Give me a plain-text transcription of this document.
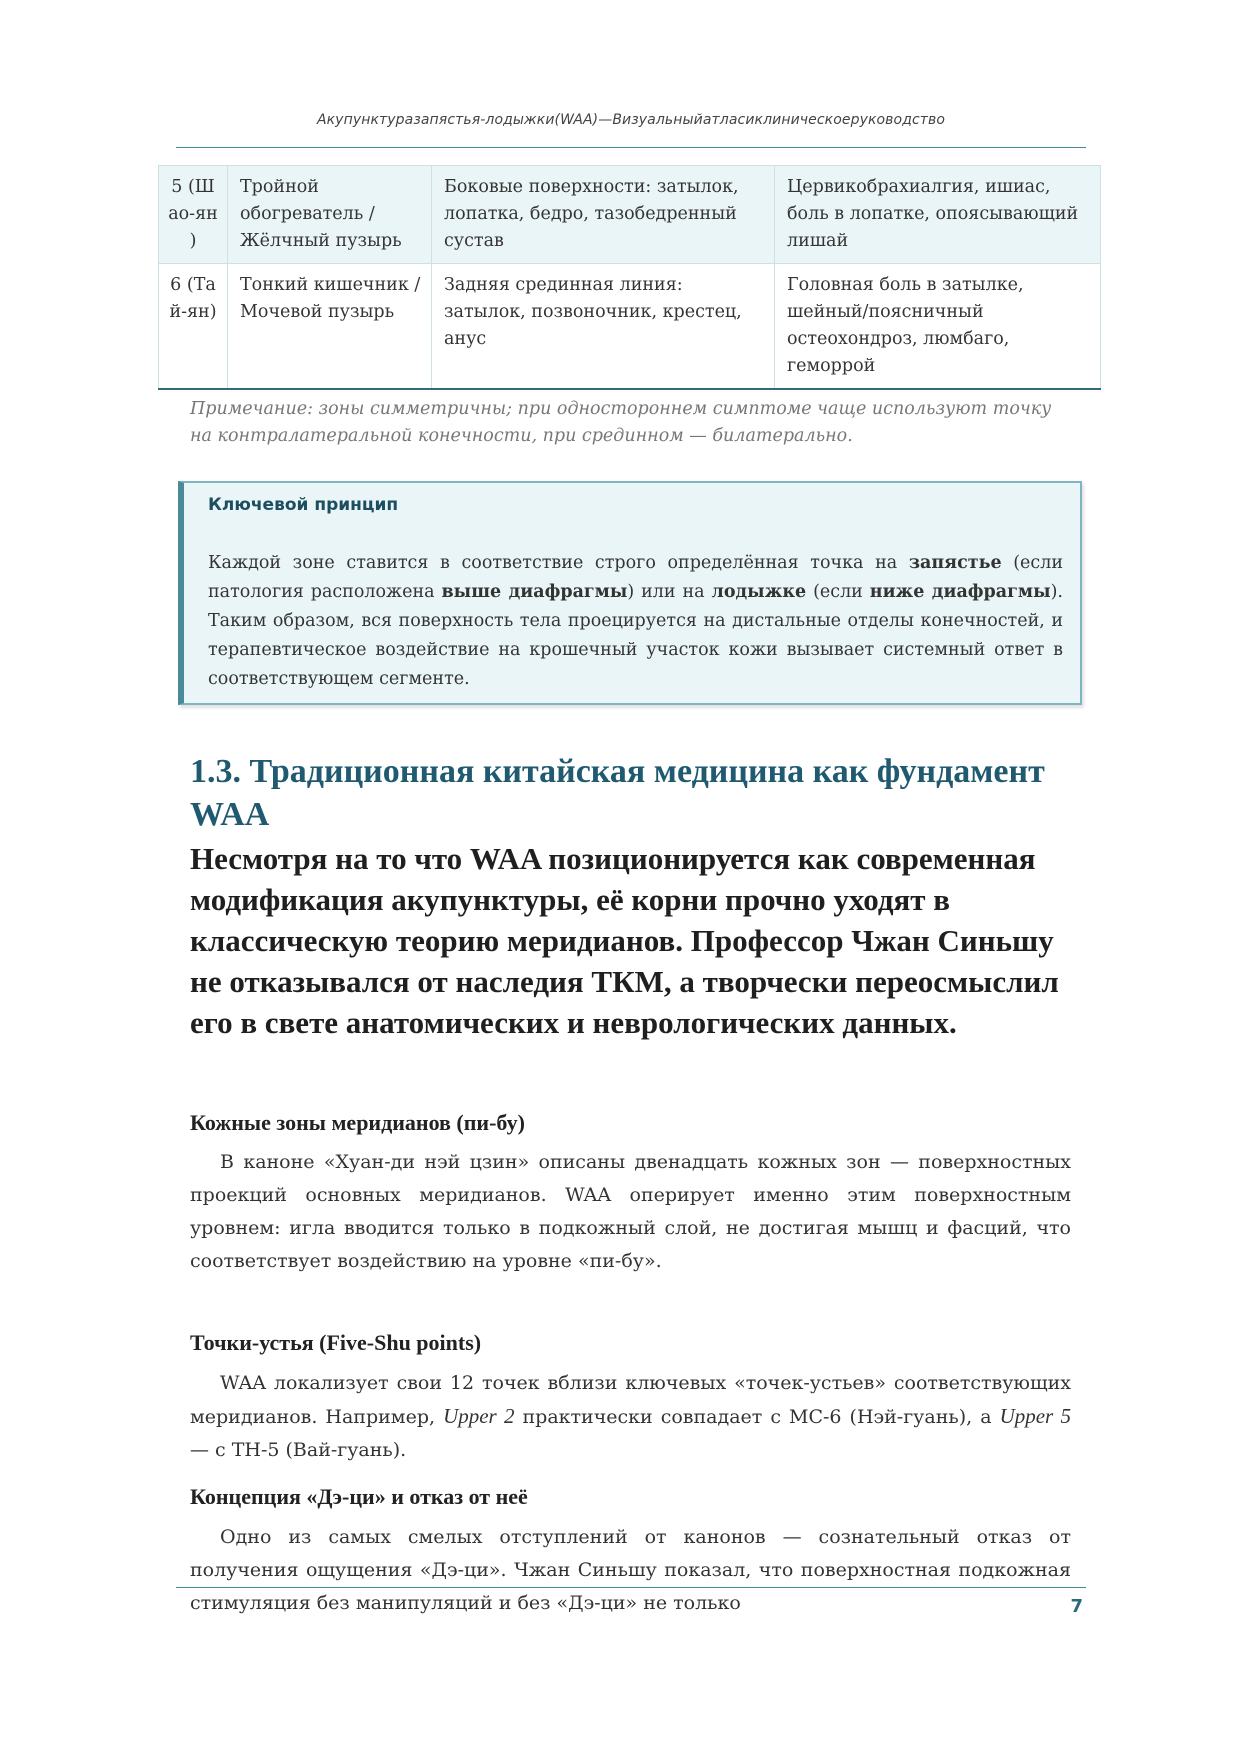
Акупунктуразапястья-лодыжки(WAA)—Визуальныйатласиклиническоеруководство
5 (Ш ао-ян )	Тройной обогреватель / Жёлчный пузырь	Боковые поверхности: затылок, лопатка, бедро, тазобедренный сустав	Цервикобрахиалгия, ишиас, боль в лопатке, опоясывающий лишай
6 (Та й-ян)	Тонкий кишечник / Мочевой пузырь	Задняя срединная линия: затылок, позвоночник, крестец, анус	Головная боль в затылке, шейный/поясничный остеохондроз, люмбаго, геморрой
Примечание: зоны симметричны; при одностороннем симптоме чаще используют точку на контралатеральной конечности, при срединном — билатерально.
Ключевой принцип
Каждой зоне ставится в соответствие строго определённая точка на запястье (если патология расположена выше диафрагмы) или на лодыжке (если ниже диафрагмы). Таким образом, вся поверхность тела проецируется на дистальные отделы конечностей, и терапевтическое воздействие на крошечный участок кожи вызывает системный ответ в соответствующем сегменте.
1.3. Традиционная китайская медицина как фундамент WAA
Несмотря на то что WAA позиционируется как современная модификация акупунктуры, её корни прочно уходят в классическую теорию меридианов. Профессор Чжан Синьшу не отказывался от наследия ТКМ, а творчески переосмыслил его в свете анатомических и неврологических данных.
Кожные зоны меридианов (пи-бу)
В каноне «Хуан-ди нэй цзин» описаны двенадцать кожных зон — поверхностных проекций основных меридианов. WAA оперирует именно этим поверхностным уровнем: игла вводится только в подкожный слой, не достигая мышц и фасций, что соответствует воздействию на уровне «пи-бу».
Точки-устья (Five-Shu points)
WAA локализует свои 12 точек вблизи ключевых «точек-устьев» соответствующих меридианов. Например, Upper 2 практически совпадает с МС-6 (Нэй-гуань), а Upper 5 — с ТН-5 (Вай-гуань).
Концепция «Дэ-ци» и отказ от неё
Одно из самых смелых отступлений от канонов — сознательный отказ от получения ощущения «Дэ-ци». Чжан Синьшу показал, что поверхностная подкожная стимуляция без манипуляций и без «Дэ-ци» не только	7
